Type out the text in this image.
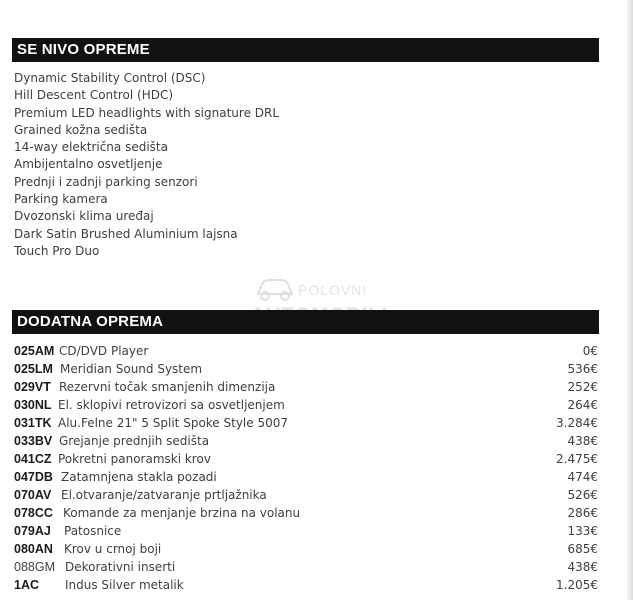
SE NIVO OPREME
Dynamic Stability Control (DSC)
Hill Descent Control (HDC)
Premium LED headlights with signature DRL
Grained kožna sedišta
14-way električna sedišta
Ambijentalno osvetljenje
Prednji i zadnji parking senzori
Parking kamera
Dvozonski klima uređaj
Dark Satin Brushed Aluminium lajsna
Touch Pro Duo
POLOVNI
DODATNA OPREMA
025AM CD/DVD Player	0€
025LM Meridian Sound System	536€
029VT Rezervni točak smanjenih dimenzija	252€
030NL El. sklopivi retrovizori sa osvetljenjem	264€
031TK Alu.Felne 21" 5 Split Spoke Style 5007	3.284€
033BV Grejanje prednjih sedišta	438€
041CZ Pokretni panoramski krov	2.475€
047DB Zatamnjena stakla pozadi	474€
070AV El.otvaranje/zatvaranje prtljažnika	526€
078CC Komande za menjanje brzina na volanu	286€
079AJ Patosnice	133€
080AN Krov u crnoj boji	685€
088GM Dekorativni inserti	438€
1AC Indus Silver metalik	1.205€
